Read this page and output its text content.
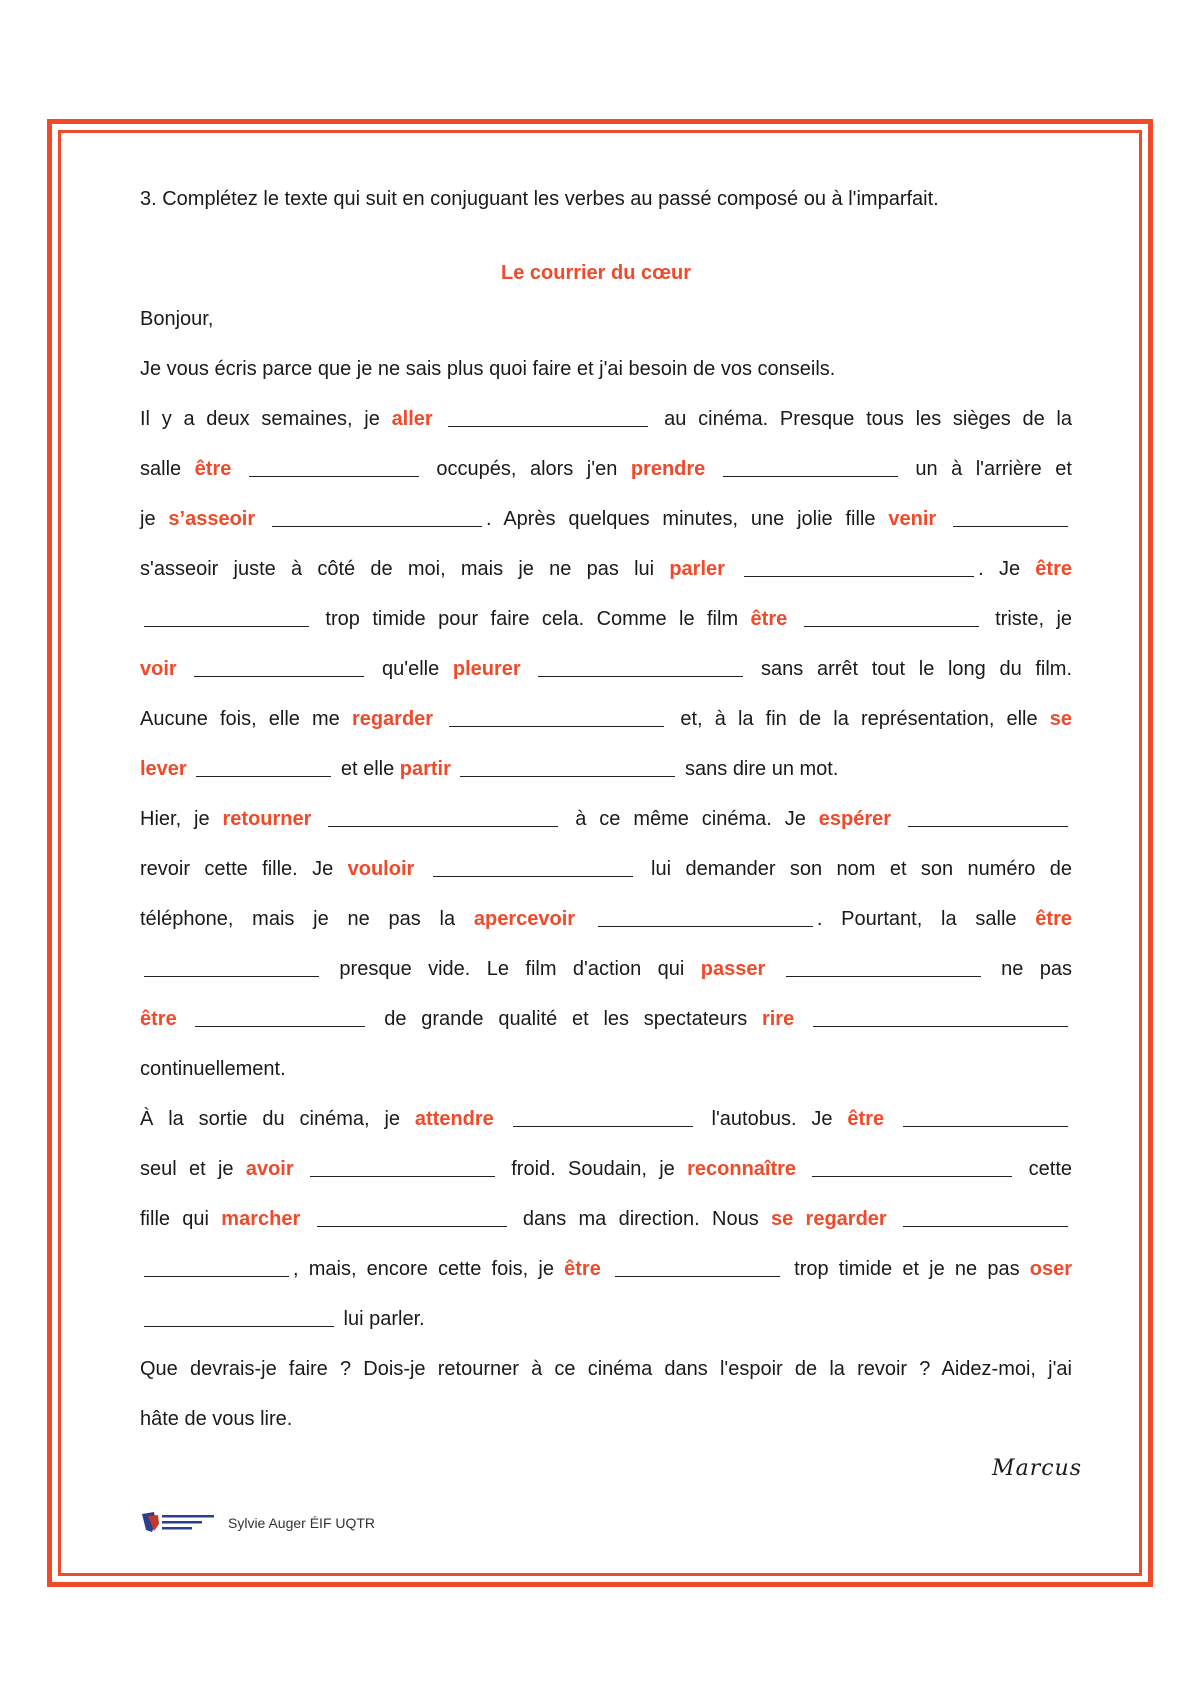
3. Complétez le texte qui suit en conjuguant les verbes au passé composé ou à l'imparfait.

Le courrier du cœur

Bonjour,
Je vous écris parce que je ne sais plus quoi faire et j'ai besoin de vos conseils.
Il y a deux semaines, je aller	au cinéma. Presque tous les sièges de la
salle être	occupés, alors j'en prendre	un à l'arrière et
je s’asseoir	. Après quelques minutes, une jolie fille venir
s'asseoir juste à côté de moi, mais je ne pas lui parler	. Je être
trop timide pour faire cela. Comme le film être	triste, je
voir	qu'elle pleurer	sans arrêt tout le long du film.
Aucune fois, elle me regarder	et, à la fin de la représentation, elle se
lever	et elle partir	sans dire un mot.
Hier, je retourner	à ce même cinéma. Je espérer
revoir cette fille. Je vouloir	lui demander son nom et son numéro de
téléphone, mais je ne pas la apercevoir	. Pourtant, la salle être
presque vide. Le film d'action qui passer	ne pas
être	de grande qualité et les spectateurs rire
continuellement.
À la sortie du cinéma, je attendre	l'autobus. Je être
seul et je avoir	froid. Soudain, je reconnaître	cette
fille qui marcher	dans ma direction. Nous se regarder
, mais, encore cette fois, je être	trop timide et je ne pas oser
lui parler.
Que devrais-je faire ? Dois-je retourner à ce cinéma dans l'espoir de la revoir ? Aidez-moi, j'ai
hâte de vous lire.
Marcus
Sylvie Auger ÉIF UQTR
